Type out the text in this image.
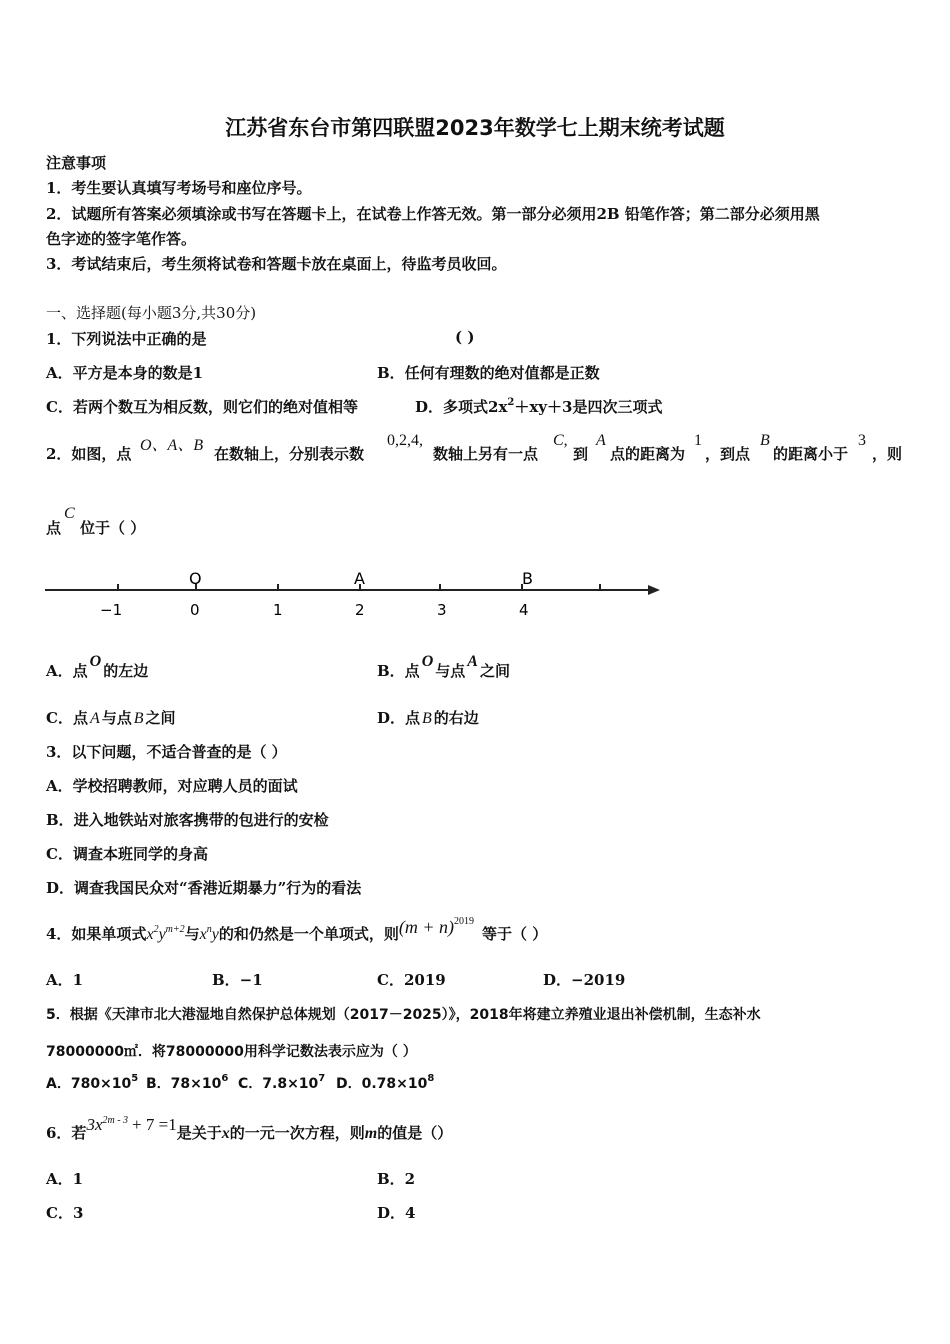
江苏省东台市第四联盟2023年数学七上期末统考试题
注意事项
1．考生要认真填写考场号和座位序号。
2．试题所有答案必须填涂或书写在答题卡上，在试卷上作答无效。第一部分必须用2B 铅笔作答；第二部分必须用黑
色字迹的签字笔作答。
3．考试结束后，考生须将试卷和答题卡放在桌面上，待监考员收回。
一、选择题(每小题3分,共30分)
1．下列说法中正确的是	( )
A．平方是本身的数是1	B．任何有理数的绝对值都是正数
C．若两个数互为相反数，则它们的绝对值相等	D．多项式$2x^2+xy+3$是四次三项式
2．如图，点 O、A、B 在数轴上，分别表示数
0,2,4,
数轴上另有一点
C,
到
A
点的距离为
1
，到点
B
的距离小于
3
，则
点
C
位于（ ）
O	A	B
−1	0	1	2	3	4
A．点O的左边	B．点O与点A之间
C．点 A 与点 B 之间	D．点 B 的右边
3．以下问题，不适合普查的是（ ）
A．学校招聘教师，对应聘人员的面试
B．进入地铁站对旅客携带的包进行的安检
C．调查本班同学的身高
D．调查我国民众对“香港近期暴力”行为的看法
4．如果单项式$x^2y^{m+2}$与$x^ny$的和仍然是一个单项式，则$(m + n)^{2019}$等于（ ）
A．1	B．−1	C．2019	D．−2019
5．根据《天津市北大港湿地自然保护总体规划（2017－2025）》，2018年将建立养殖业退出补偿机制，生态补水
78000000㎡．将78000000用科学记数法表示应为（ ）
A．$780\times 10^5$ B．$78\times 10^6$ C．$7.8\times 10^7$ D．$0.78\times 10^8$
6．若$3x^{2m - 3} + 7 =1$是关于x的一元一次方程，则m的值是（）
A．1	B．2
C．3	D．4
